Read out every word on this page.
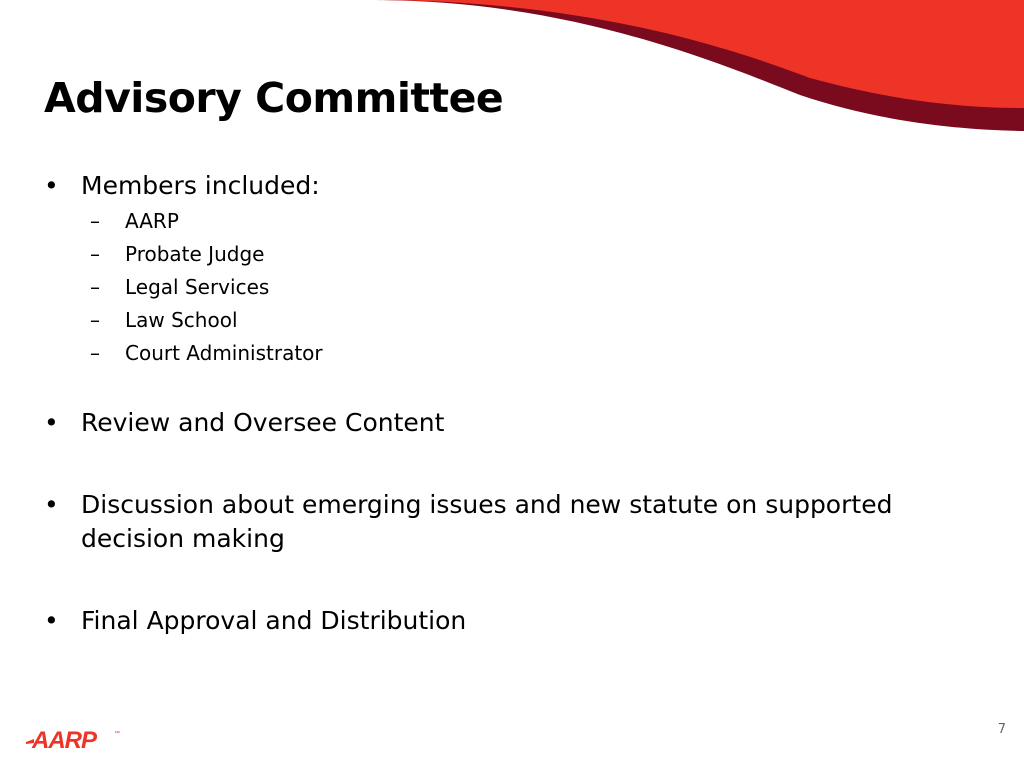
Advisory Committee
• Members included:
– AARP
– Probate Judge
– Legal Services
– Law School
– Court Administrator
• Review and Oversee Content
• Discussion about emerging issues and new statute on supported decision making
• Final Approval and Distribution
AARP	™	7
